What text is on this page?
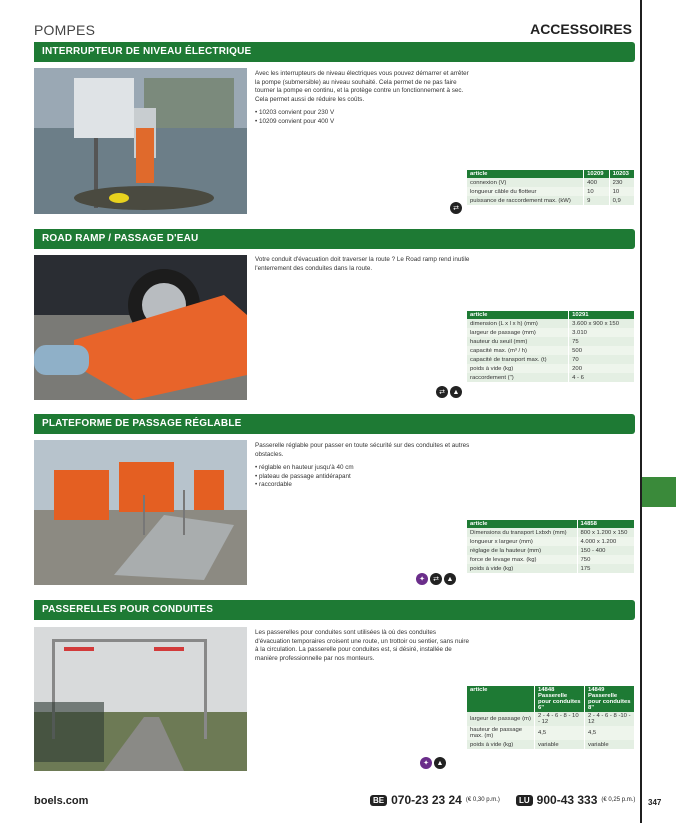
POMPES	ACCESSOIRES
INTERRUPTEUR DE NIVEAU ÉLECTRIQUE

Avec les interrupteurs de niveau électriques vous pouvez démarrer et arrêter la pompe (submersible) au niveau souhaité. Cela permet de ne pas faire tourner la pompe en continu, et la protège contre un fonctionnement à sec. Cela permet aussi de réduire les coûts.

• 10203 convient pour 230 V
• 10209 convient pour 400 V
article	10209	10203
connexion (V)	400	230
longueur câble du flotteur	10	10
puissance de raccordement max. (kW)	9	0,9
⇄
ROAD RAMP / PASSAGE D'EAU

Votre conduit d'évacuation doit traverser la route ? Le Road ramp rend inutile l'enterrement des conduites dans la route.

article	10291
dimension (L x l x h) (mm)	3.600 x 900 x 150
largeur de passage (mm)	3.010
hauteur du seuil (mm)	75
capacité max. (m³ / h)	500
capacité de transport max. (t)	70
poids à vide (kg)	200
raccordement (")	4 - 6
⇄	▲
PLATEFORME DE PASSAGE RÉGLABLE

Passerelle réglable pour passer en toute sécurité sur des conduites et autres obstacles.

• réglable en hauteur jusqu'à 40 cm
• plateau de passage antidérapant
• raccordable
article	14858
Dimensions du transport Lxbxh (mm)	800 x 1.200 x 150
longueur x largeur (mm)	4.000 x 1.200
réglage de la hauteur (mm)	150 - 400
force de levage max. (kg)	750
poids à vide (kg)	175
✦	⇄	▲
PASSERELLES POUR CONDUITES

Les passerelles pour conduites sont utilisées là où des conduites d'évacuation temporaires croisent une route, un trottoir ou sentier, sans nuire à la circulation. La passerelle pour conduites est, si désiré, installée de manière professionnelle par nos monteurs.

article	14848 Passerelle pour conduites 6"	14849 Passerelle pour conduites 8"
largeur de passage (m)	2 - 4 - 6 - 8 - 10 - 12	2 - 4 - 6 - 8 -10 - 12
hauteur de passage max. (m)	4,5	4,5
poids à vide (kg)	variable	variable
✦	▲
boels.com	BE 070-23 23 24 (€ 0,30 p.m.)	LU 900-43 333 (€ 0,25 p.m.) 347
